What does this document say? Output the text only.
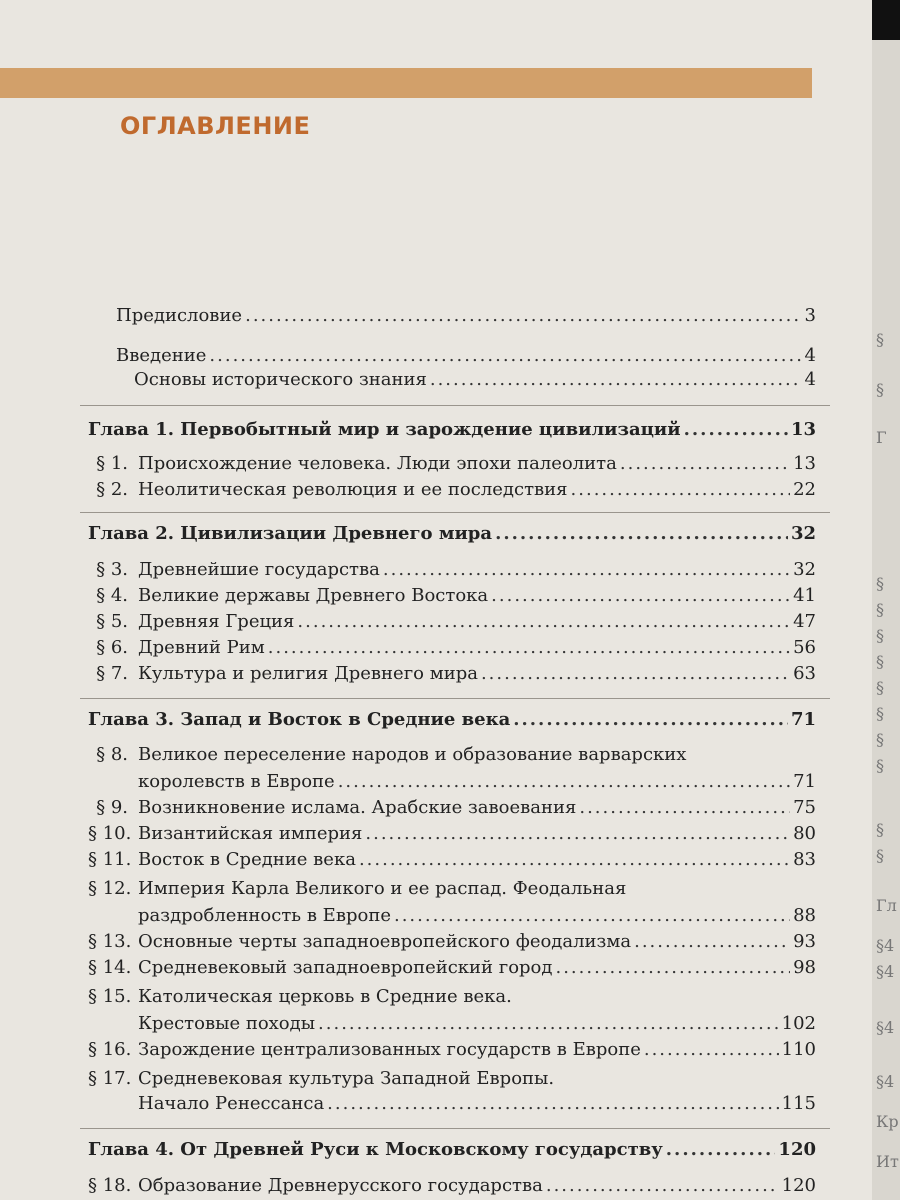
ОГЛАВЛЕНИЕ
Предисловие .....	3
Введение .....	4
Основы исторического знания .....	4
Глава 1. Первобытный мир и зарождение цивилизаций .....	13
§ 1. Происхождение человека. Люди эпохи палеолита .....	13
§ 2. Неолитическая революция и ее последствия .....	22
Глава 2. Цивилизации Древнего мира .....	32
§ 3. Древнейшие государства .....	32
§ 4. Великие державы Древнего Востока .....	41
§ 5. Древняя Греция .....	47
§ 6. Древний Рим .....	56
§ 7. Культура и религия Древнего мира .....	63
Глава 3. Запад и Восток в Средние века .....	71
§ 8. Великое переселение народов и образование варварских
королевств в Европе .....	71
§ 9. Возникновение ислама. Арабские завоевания .....	75
§ 10. Византийская империя .....	80
§ 11. Восток в Средние века .....	83
§ 12. Империя Карла Великого и ее распад. Феодальная
раздробленность в Европе .....	88
§ 13. Основные черты западноевропейского феодализма .....	93
§ 14. Средневековый западноевропейский город .....	98
§ 15. Католическая церковь в Средние века.
Крестовые походы .....	102
§ 16. Зарождение централизованных государств в Европе .....	110
§ 17. Средневековая культура Западной Европы.
Начало Ренессанса .....	115
Глава 4. От Древней Руси к Московскому государству .....	120
§ 18. Образование Древнерусского государства .....	120
§
§
Г
§
§
§
§
§
§
§
§
§
§
Гл
§4
§4
§4
§4
Кр
Ит
